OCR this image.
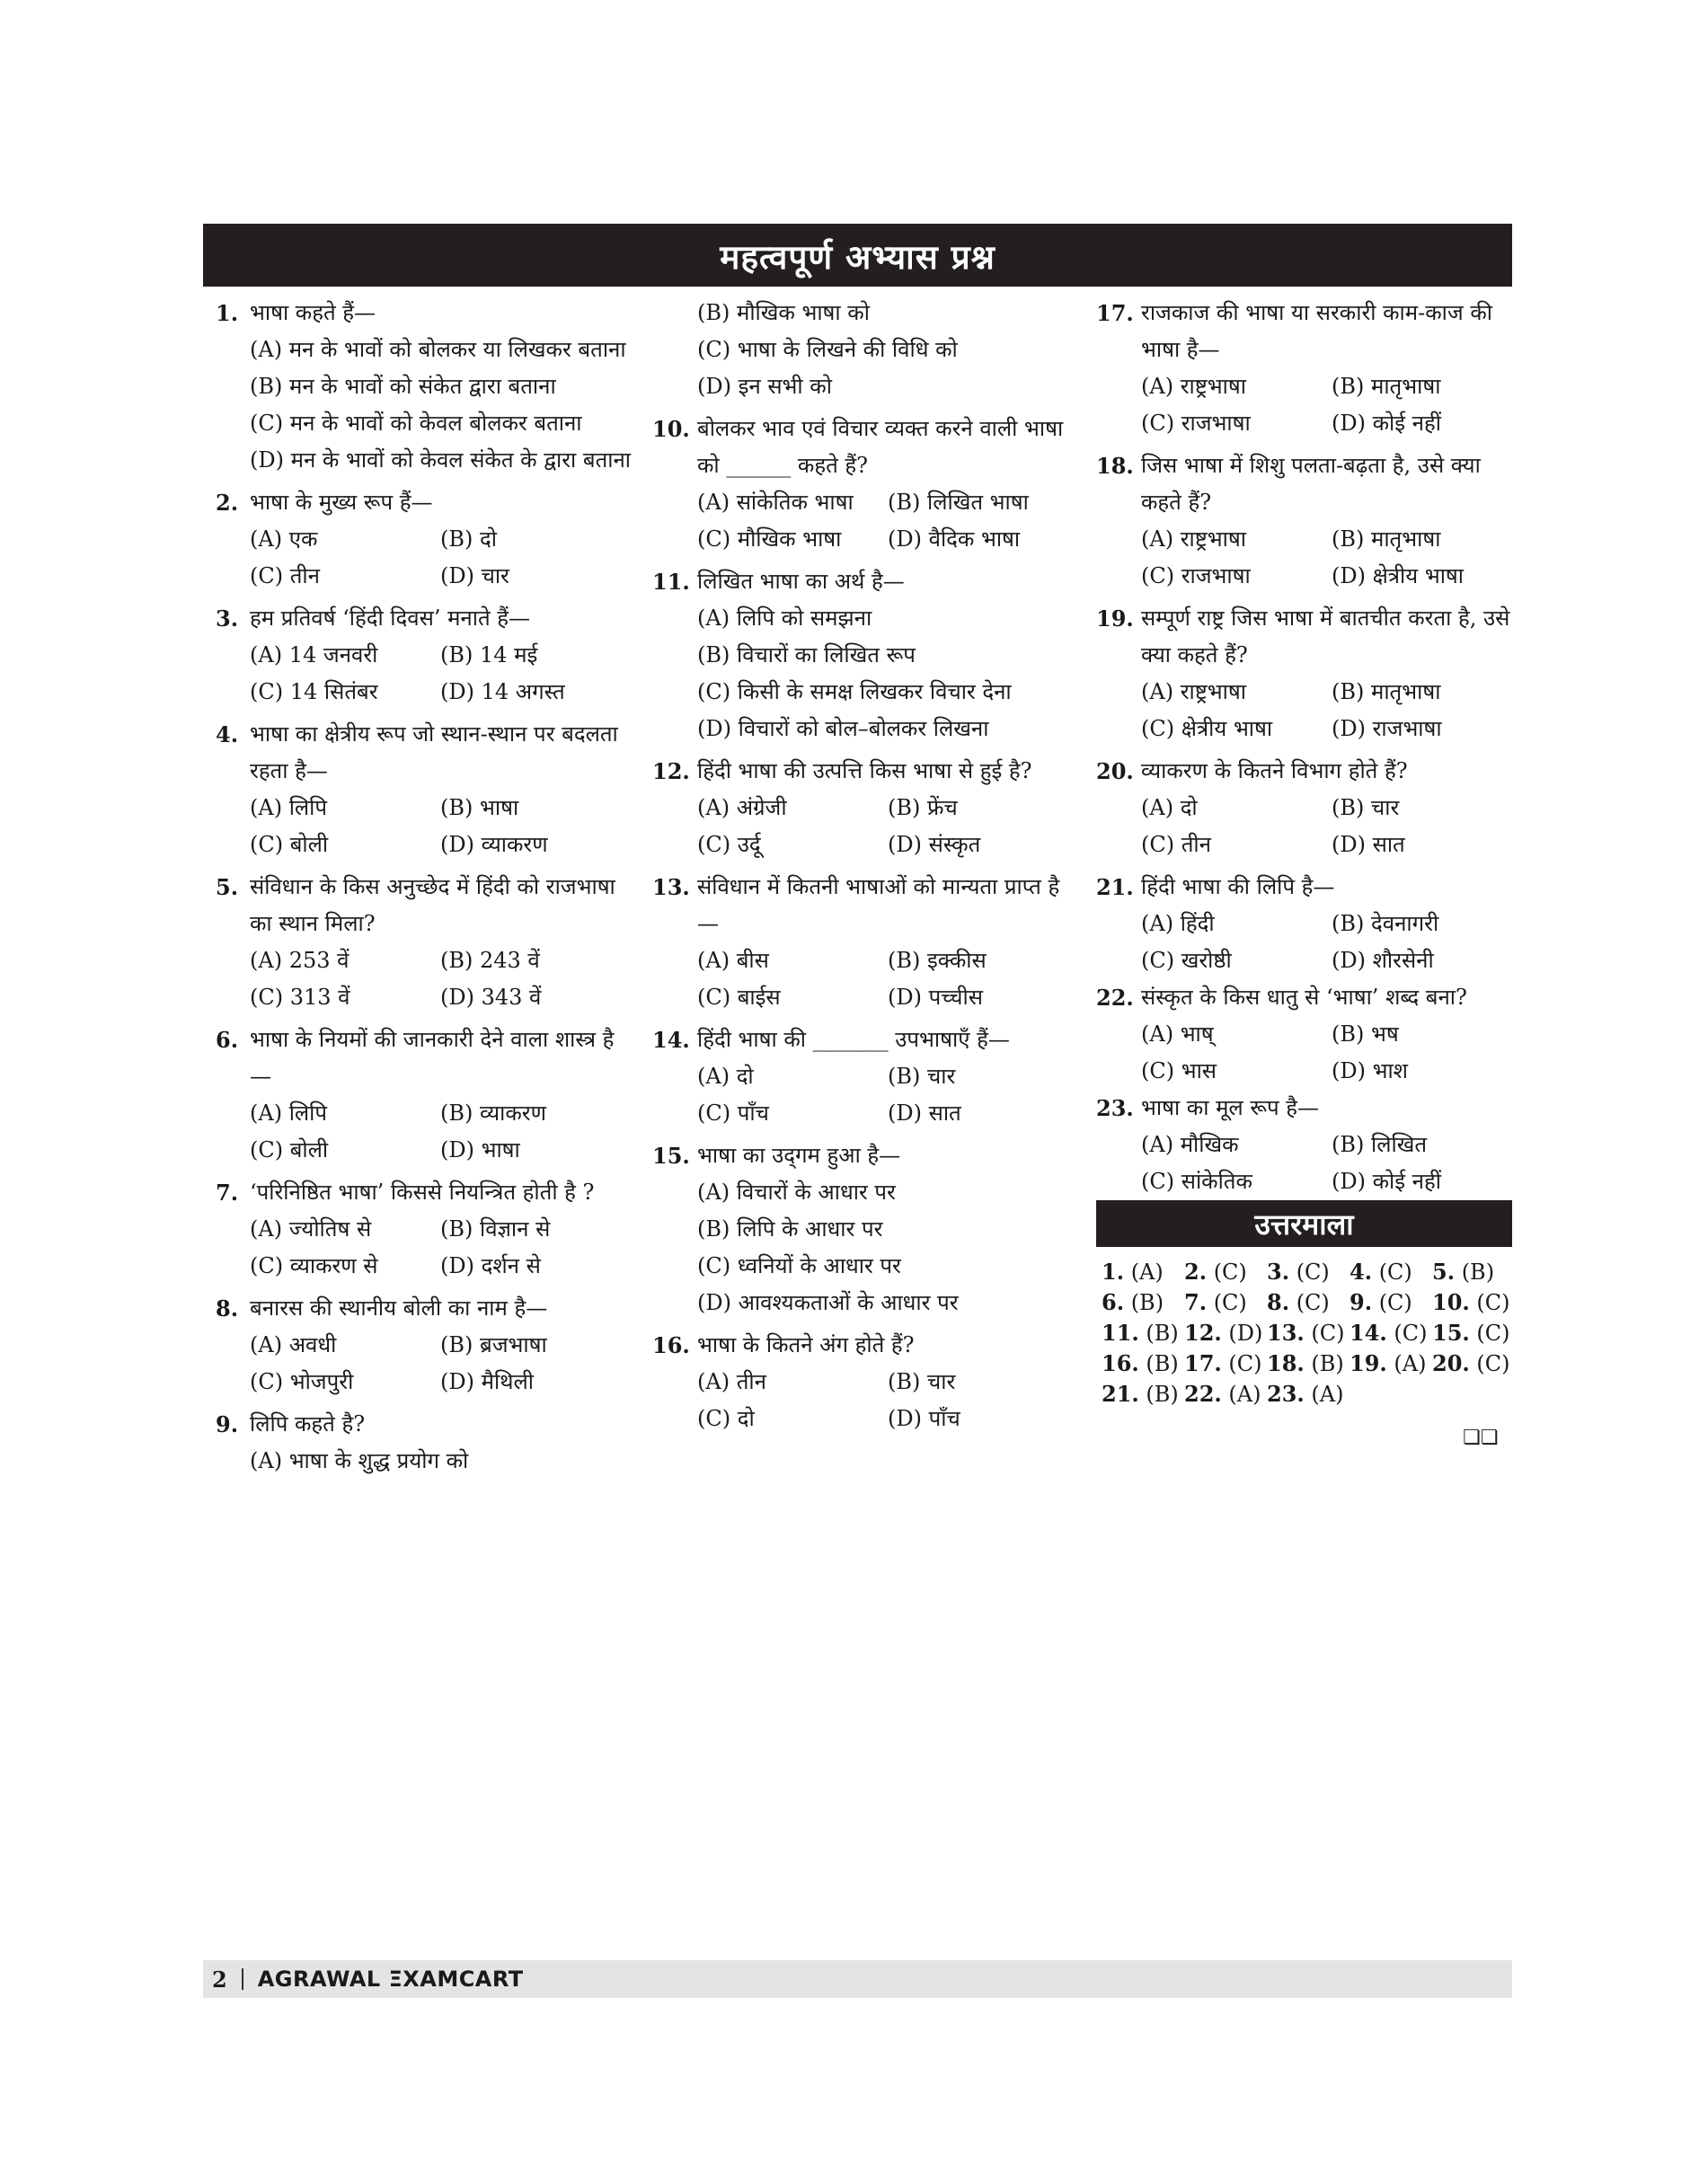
महत्वपूर्ण अभ्यास प्रश्न
1. भाषा कहते हैं—
(A) मन के भावों को बोलकर या लिखकर बताना
(B) मन के भावों को संकेत द्वारा बताना
(C) मन के भावों को केवल बोलकर बताना
(D) मन के भावों को केवल संकेत के द्वारा बताना
2. भाषा के मुख्य रूप हैं—
(A) एक	(B) दो
(C) तीन	(D) चार
3. हम प्रतिवर्ष ‘हिंदी दिवस’ मनाते हैं—
(A) 14 जनवरी	(B) 14 मई
(C) 14 सितंबर	(D) 14 अगस्त
4. भाषा का क्षेत्रीय रूप जो स्थान-स्थान पर बदलता रहता है—
(A) लिपि	(B) भाषा
(C) बोली	(D) व्याकरण
5. संविधान के किस अनुच्छेद में हिंदी को राजभाषा का स्थान मिला?
(A) 253 वें	(B) 243 वें
(C) 313 वें	(D) 343 वें
6. भाषा के नियमों की जानकारी देने वाला शास्त्र है—
(A) लिपि	(B) व्याकरण
(C) बोली	(D) भाषा
7. ‘परिनिष्ठित भाषा’ किससे नियन्त्रित होती है ?
(A) ज्योतिष से	(B) विज्ञान से
(C) व्याकरण से	(D) दर्शन से
8. बनारस की स्थानीय बोली का नाम है—
(A) अवधी	(B) ब्रजभाषा
(C) भोजपुरी	(D) मैथिली
9. लिपि कहते है?
(A) भाषा के शुद्ध प्रयोग को
(B) मौखिक भाषा को
(C) भाषा के लिखने की विधि को
(D) इन सभी को
10. बोलकर भाव एवं विचार व्यक्त करने वाली भाषा को ______ कहते हैं?
(A) सांकेतिक भाषा	(B) लिखित भाषा
(C) मौखिक भाषा	(D) वैदिक भाषा
11. लिखित भाषा का अर्थ है—
(A) लिपि को समझना
(B) विचारों का लिखित रूप
(C) किसी के समक्ष लिखकर विचार देना
(D) विचारों को बोल–बोलकर लिखना
12. हिंदी भाषा की उत्पत्ति किस भाषा से हुई है?
(A) अंग्रेजी	(B) फ्रेंच
(C) उर्दू	(D) संस्कृत
13. संविधान में कितनी भाषाओं को मान्यता प्राप्त है—
(A) बीस	(B) इक्कीस
(C) बाईस	(D) पच्चीस
14. हिंदी भाषा की _______ उपभाषाएँ हैं—
(A) दो	(B) चार
(C) पाँच	(D) सात
15. भाषा का उद्‍गम हुआ है—
(A) विचारों के आधार पर
(B) लिपि के आधार पर
(C) ध्वनियों के आधार पर
(D) आवश्यकताओं के आधार पर
16. भाषा के कितने अंग होते हैं?
(A) तीन	(B) चार
(C) दो	(D) पाँच
17. राजकाज की भाषा या सरकारी काम-काज की भाषा है—
(A) राष्ट्रभाषा	(B) मातृभाषा
(C) राजभाषा	(D) कोई नहीं
18. जिस भाषा में शिशु पलता-बढ़ता है, उसे क्या कहते हैं?
(A) राष्ट्रभाषा	(B) मातृभाषा
(C) राजभाषा	(D) क्षेत्रीय भाषा
19. सम्पूर्ण राष्ट्र जिस भाषा में बातचीत करता है, उसे क्या कहते हैं?
(A) राष्ट्रभाषा	(B) मातृभाषा
(C) क्षेत्रीय भाषा	(D) राजभाषा
20. व्याकरण के कितने विभाग होते हैं?
(A) दो	(B) चार
(C) तीन	(D) सात
21. हिंदी भाषा की लिपि है—
(A) हिंदी	(B) देवनागरी
(C) खरोष्ठी	(D) शौरसेनी
22. संस्कृत के किस धातु से ‘भाषा’ शब्द बना?
(A) भाष्	(B) भष
(C) भास	(D) भाश
23. भाषा का मूल रूप है—
(A) मौखिक	(B) लिखित
(C) सांकेतिक	(D) कोई नहीं
उत्तरमाला
1. (A) 2. (C) 3. (C) 4. (C) 5. (B)
6. (B) 7. (C) 8. (C) 9. (C) 10. (C)
11. (B) 12. (D) 13. (C) 14. (C) 15. (C)
16. (B) 17. (C) 18. (B) 19. (A) 20. (C)
21. (B) 22. (A) 23. (A)
❏❏
2 AGRAWAL ΞXAMCART
